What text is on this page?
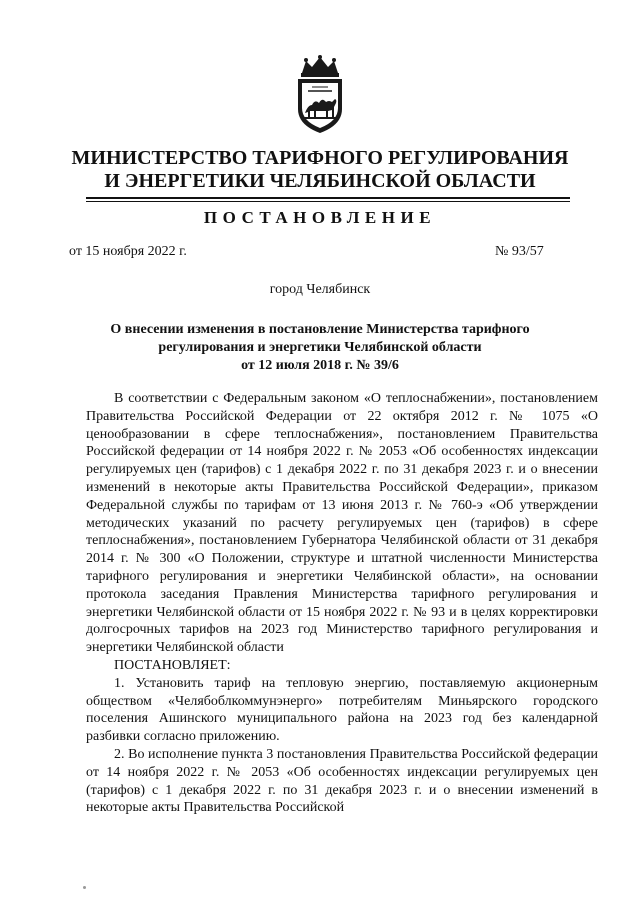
МИНИСТЕРСТВО ТАРИФНОГО РЕГУЛИРОВАНИЯ
И ЭНЕРГЕТИКИ ЧЕЛЯБИНСКОЙ ОБЛАСТИ
ПОСТАНОВЛЕНИЕ
от 15 ноября 2022 г.	№ 93/57
город Челябинск
О внесении изменения в постановление Министерства тарифного
регулирования и энергетики Челябинской области
от 12 июля 2018 г. № 39/6

В соответствии с Федеральным законом «О теплоснабжении», постановлением Правительства Российской Федерации от 22 октября 2012 г. № 1075 «О ценообразовании в сфере теплоснабжения», постановлением Правительства Российской федерации от 14 ноября 2022 г. № 2053 «Об особенностях индексации регулируемых цен (тарифов) с 1 декабря 2022 г. по 31 декабря 2023 г. и о внесении изменений в некоторые акты Правительства Российской Федерации», приказом Федеральной службы по тарифам от 13 июня 2013 г. № 760-э «Об утверждении методических указаний по расчету регулируемых цен (тарифов) в сфере теплоснабжения», постановлением Губернатора Челябинской области от 31 декабря 2014 г. № 300 «О Положении, структуре и штатной численности Министерства тарифного регулирования и энергетики Челябинской области», на основании протокола заседания Правления Министерства тарифного регулирования и энергетики Челябинской области от 15 ноября 2022 г. № 93 и в целях корректировки долгосрочных тарифов на 2023 год Министерство тарифного регулирования и энергетики Челябинской области

ПОСТАНОВЛЯЕТ:

1. Установить тариф на тепловую энергию, поставляемую акционерным обществом «Челябоблкоммунэнерго» потребителям Миньярского городского поселения Ашинского муниципального района на 2023 год без календарной разбивки согласно приложению.

2. Во исполнение пункта 3 постановления Правительства Российской федерации от 14 ноября 2022 г. № 2053 «Об особенностях индексации регулируемых цен (тарифов) с 1 декабря 2022 г. по 31 декабря 2023 г. и о внесении изменений в некоторые акты Правительства Российской
